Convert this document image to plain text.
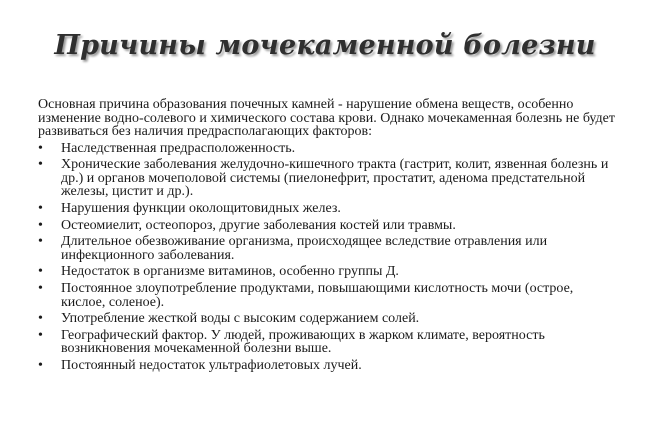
Причины мочекаменной болезни

Основная причина образования почечных камней - нарушение обмена веществ, особенно изменение водно-солевого и химического состава крови. Однако мочекаменная болезнь не будет развиваться без наличия предрасполагающих факторов:

• Наследственная предрасположенность.
• Хронические заболевания желудочно-кишечного тракта (гастрит, колит, язвенная болезнь и др.) и органов мочеполовой системы (пиелонефрит, простатит, аденома предстательной железы, цистит и др.).
• Нарушения функции околощитовидных желез.
• Остеомиелит, остеопороз, другие заболевания костей или травмы.
• Длительное обезвоживание организма, происходящее вследствие отравления или инфекционного заболевания.
• Недостаток в организме витаминов, особенно группы Д.
• Постоянное злоупотребление продуктами, повышающими кислотность мочи (острое, кислое, соленое).
• Употребление жесткой воды с высоким содержанием солей.
• Географический фактор. У людей, проживающих в жарком климате, вероятность возникновения мочекаменной болезни выше.
• Постоянный недостаток ультрафиолетовых лучей.
